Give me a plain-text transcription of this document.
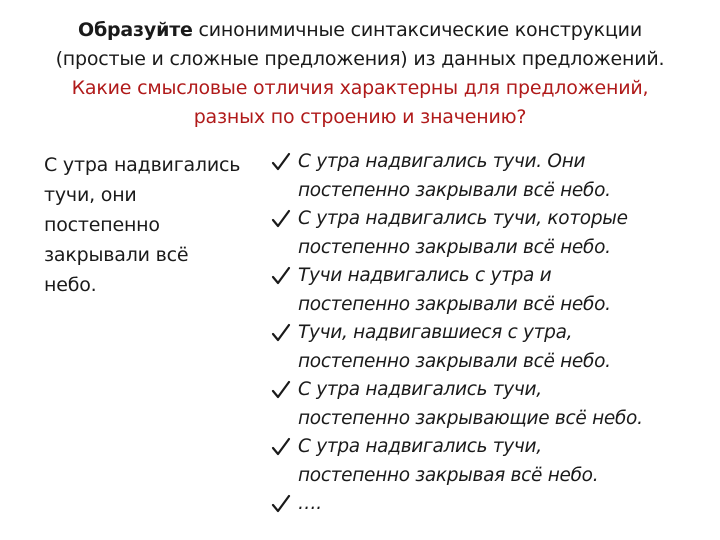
Образуйте синонимичные синтаксические конструкции
(простые и сложные предложения) из данных предложений.
Какие смысловые отличия характерны для предложений,
разных по строению и значению?
С утра надвигались
тучи, они
постепенно
закрывали всё
небо.
С утра надвигались тучи. Они
постепенно закрывали всё небо.
С утра надвигались тучи, которые
постепенно закрывали всё небо.
Тучи надвигались с утра и
постепенно закрывали всё небо.
Тучи, надвигавшиеся с утра,
постепенно закрывали всё небо.
С утра надвигались тучи,
постепенно закрывающие всё небо.
С утра надвигались тучи,
постепенно закрывая всё небо.
….
